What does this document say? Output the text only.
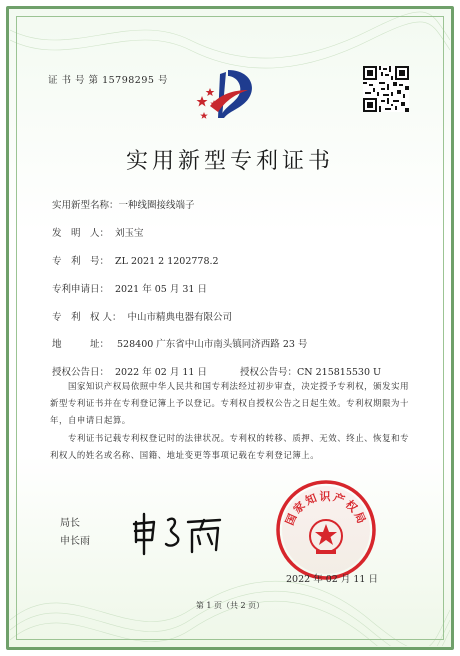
证 书 号 第 15798295 号
实用新型专利证书
实用新型名称：一种线圈接线端子
发　明　人： 刘玉宝
专　利　号： ZL 2021 2 1202778.2
专利申请日： 2021 年 05 月 31 日
专　利　权 人： 中山市精典电器有限公司
地　　　址： 528400 广东省中山市南头镇同济西路 23 号
授权公告日： 2022 年 02 月 11 日	授权公告号：CN 215815530 U
国家知识产权局依照中华人民共和国专利法经过初步审查，决定授予专利权，颁发实用新型专利证书并在专利登记簿上予以登记。专利权自授权公告之日起生效。专利权期限为十年，自申请日起算。
专利证书记载专利权登记时的法律状况。专利权的转移、质押、无效、终止、恢复和专利权人的姓名或名称、国籍、地址变更等事项记载在专利登记簿上。
局长
申长雨
国家知识产权局
2022 年 02 月 11 日
第 1 页（共 2 页）
